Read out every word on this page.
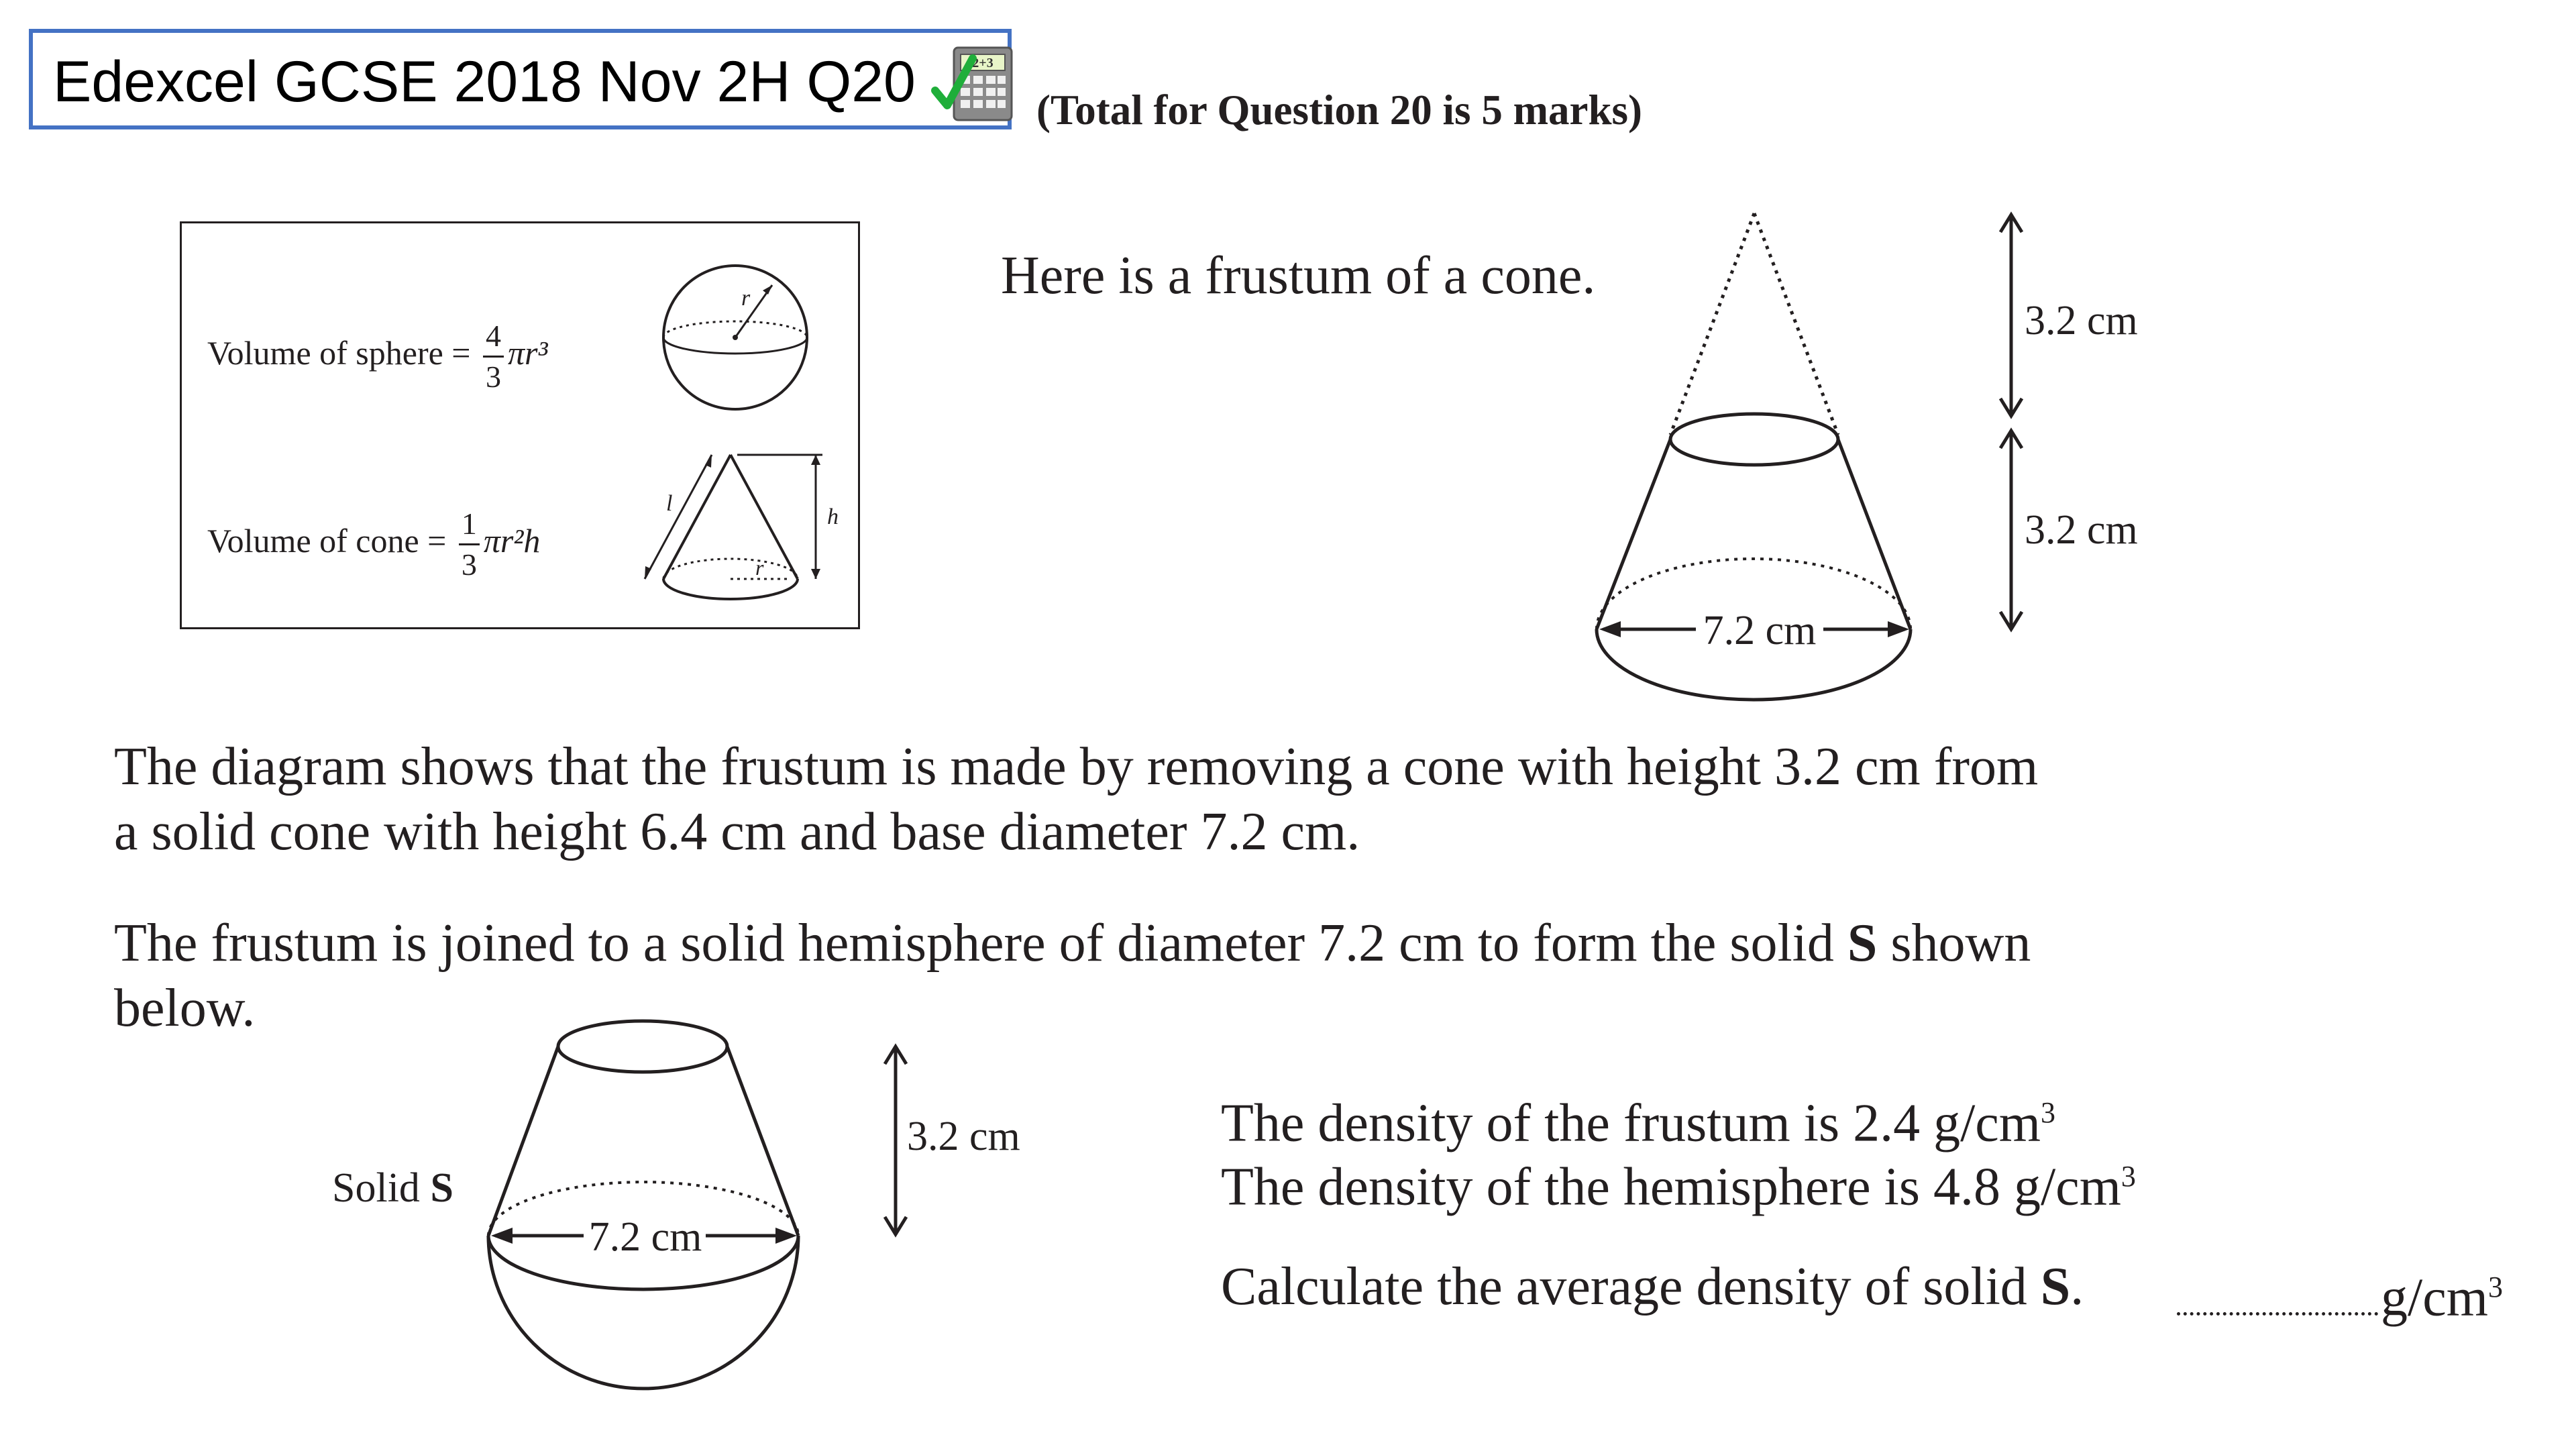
Edexcel GCSE 2018 Nov 2H Q20	2+3
(Total for Question 20 is 5 marks)
Volume of sphere = $\frac{4}{3} \pi r^3$
Volume of cone = $\frac{1}{3} \pi r^2h$
r
r
l
h
Here is a frustum of a cone.
7.2 cm
3.2 cm
3.2 cm
The diagram shows that the frustum is made by removing a cone with height 3.2 cm from
a solid cone with height 6.4 cm and base diameter 7.2 cm.
The frustum is joined to a solid hemisphere of diameter 7.2 cm to form the solid S shown
below.
Solid S
7.2 cm
3.2 cm	The density of the frustum is 2.4 $g/cm^3$
The density of the hemisphere is 4.8 $g/cm^3$
Calculate the average density of solid S.	$g/cm^3$
